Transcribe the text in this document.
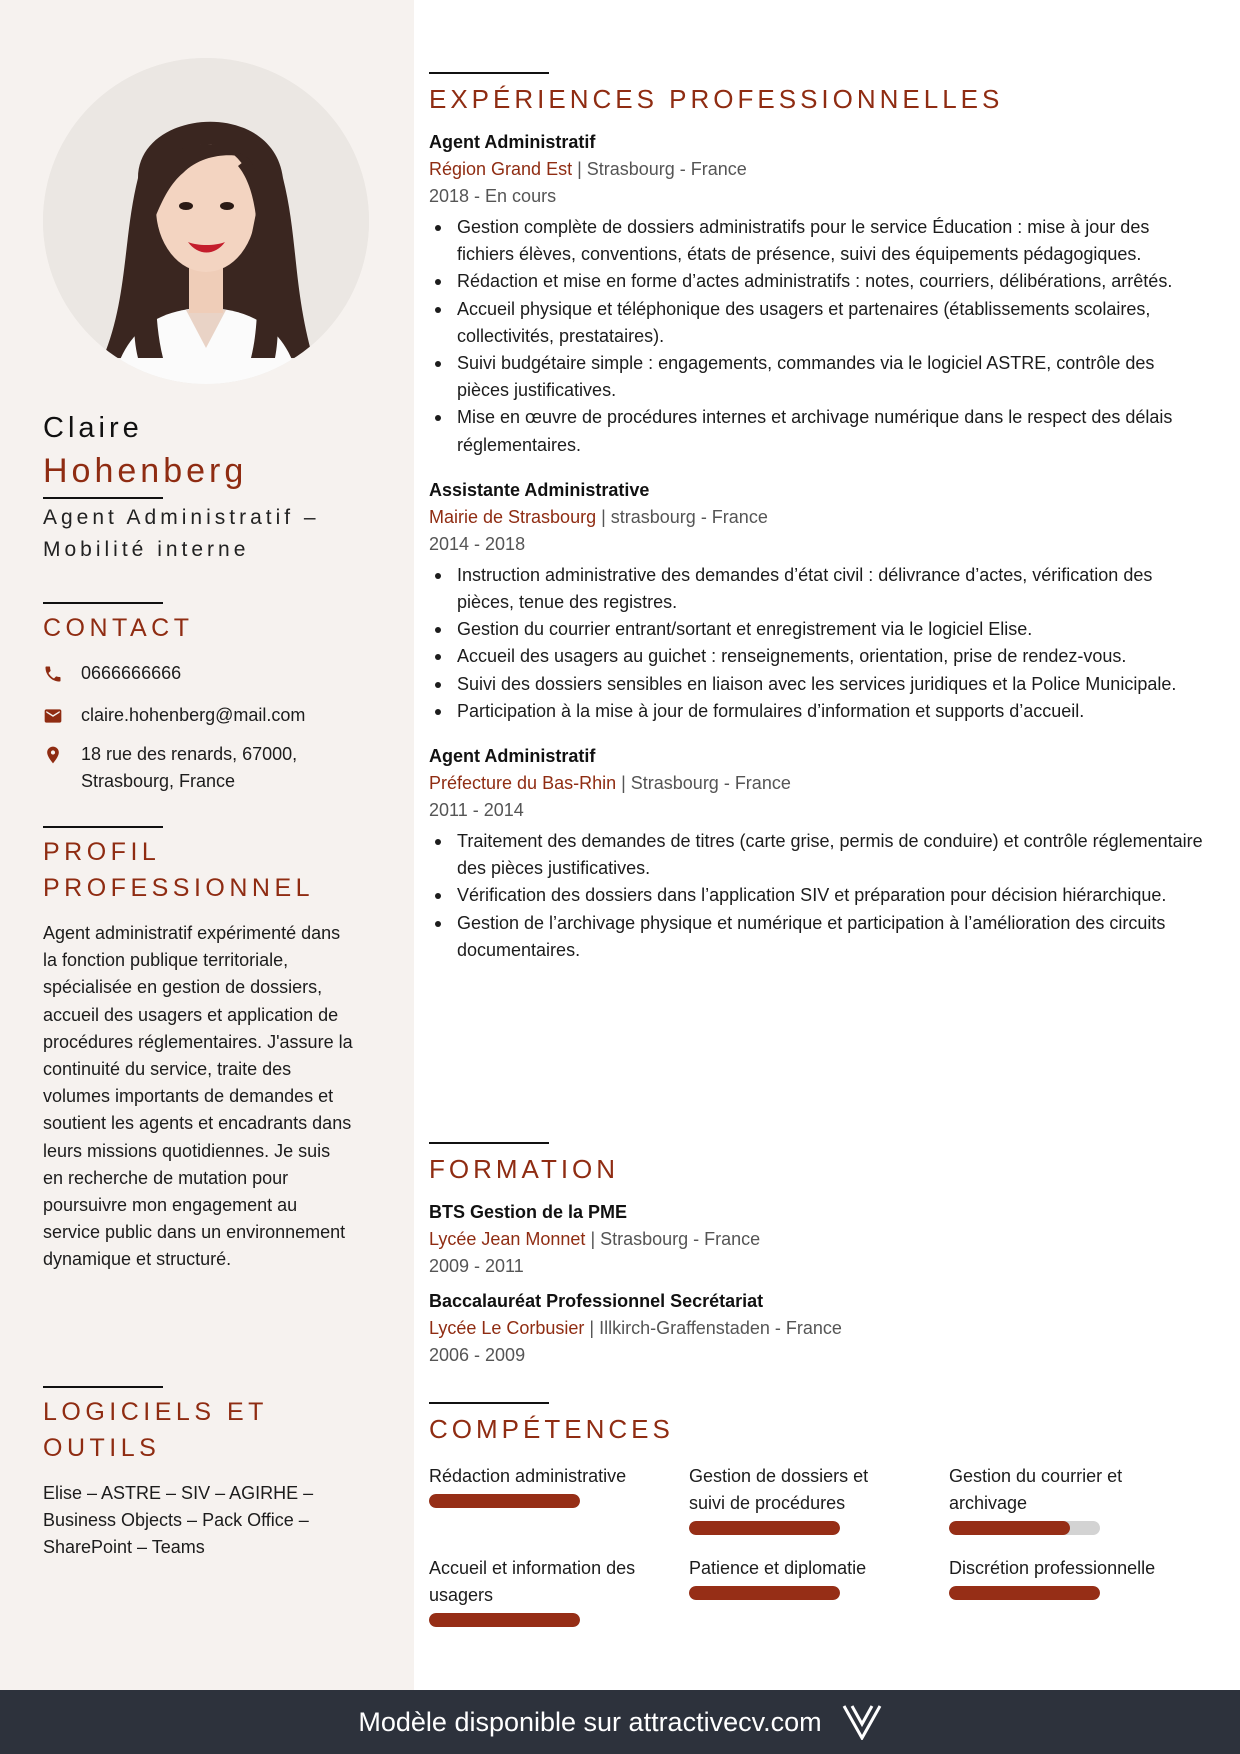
Claire
Hohenberg
Agent Administratif – Mobilité interne
CONTACT
0666666666
claire.hohenberg@mail.com
18 rue des renards, 67000, Strasbourg, France
PROFIL PROFESSIONNEL
Agent administratif expérimenté dans la fonction publique territoriale, spécialisée en gestion de dossiers, accueil des usagers et application de procédures réglementaires. J'assure la continuité du service, traite des volumes importants de demandes et soutient les agents et encadrants dans leurs missions quotidiennes. Je suis en recherche de mutation pour poursuivre mon engagement au service public dans un environnement dynamique et structuré.
LOGICIELS ET OUTILS
Elise – ASTRE – SIV – AGIRHE – Business Objects – Pack Office – SharePoint – Teams
EXPÉRIENCES PROFESSIONNELLES
Agent Administratif
Région Grand Est | Strasbourg - France
2018 - En cours
Gestion complète de dossiers administratifs pour le service Éducation : mise à jour des fichiers élèves, conventions, états de présence, suivi des équipements pédagogiques.
Rédaction et mise en forme d’actes administratifs : notes, courriers, délibérations, arrêtés.
Accueil physique et téléphonique des usagers et partenaires (établissements scolaires, collectivités, prestataires).
Suivi budgétaire simple : engagements, commandes via le logiciel ASTRE, contrôle des pièces justificatives.
Mise en œuvre de procédures internes et archivage numérique dans le respect des délais réglementaires.
Assistante Administrative
Mairie de Strasbourg | strasbourg - France
2014 - 2018
Instruction administrative des demandes d’état civil : délivrance d’actes, vérification des pièces, tenue des registres.
Gestion du courrier entrant/sortant et enregistrement via le logiciel Elise.
Accueil des usagers au guichet : renseignements, orientation, prise de rendez-vous.
Suivi des dossiers sensibles en liaison avec les services juridiques et la Police Municipale.
Participation à la mise à jour de formulaires d’information et supports d’accueil.
Agent Administratif
Préfecture du Bas-Rhin | Strasbourg - France
2011 - 2014
Traitement des demandes de titres (carte grise, permis de conduire) et contrôle réglementaire des pièces justificatives.
Vérification des dossiers dans l’application SIV et préparation pour décision hiérarchique.
Gestion de l’archivage physique et numérique et participation à l’amélioration des circuits documentaires.
FORMATION
BTS Gestion de la PME
Lycée Jean Monnet | Strasbourg - France
2009 - 2011
Baccalauréat Professionnel Secrétariat
Lycée Le Corbusier | Illkirch-Graffenstaden - France
2006 - 2009
COMPÉTENCES
Rédaction administrative	Gestion de dossiers et suivi de procédures
Gestion du courrier et archivage
Accueil et information des usagers
Patience et diplomatie	Discrétion professionnelle
Modèle disponible sur attractivecv.com
